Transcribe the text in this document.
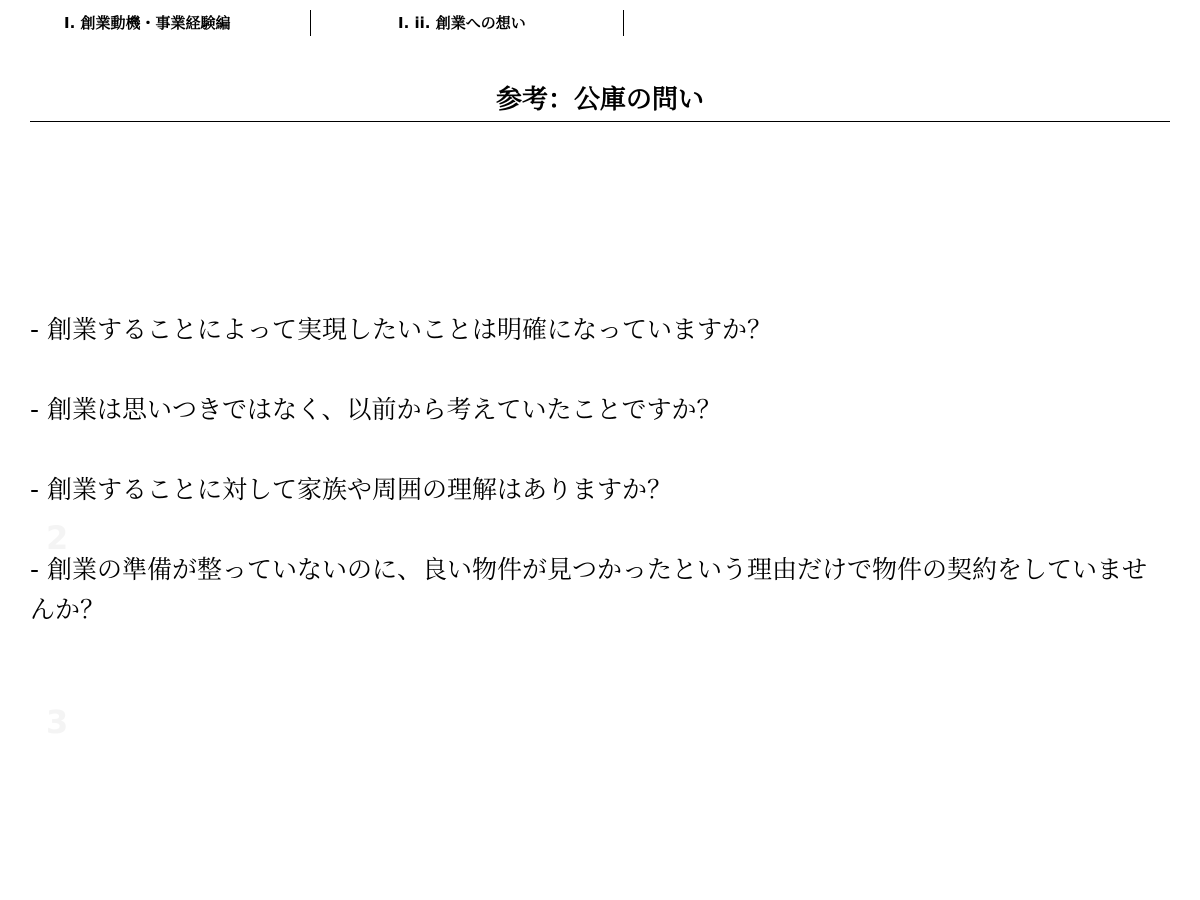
Ⅰ. 創業動機・事業経験編	Ⅰ. ii. 創業への想い
参考：公庫の問い
2
3
- 創業することによって実現したいことは明確になっていますか？
- 創業は思いつきではなく、以前から考えていたことですか？
- 創業することに対して家族や周囲の理解はありますか？
- 創業の準備が整っていないのに、良い物件が見つかったという理由だけで物件の契約をしていませんか？
